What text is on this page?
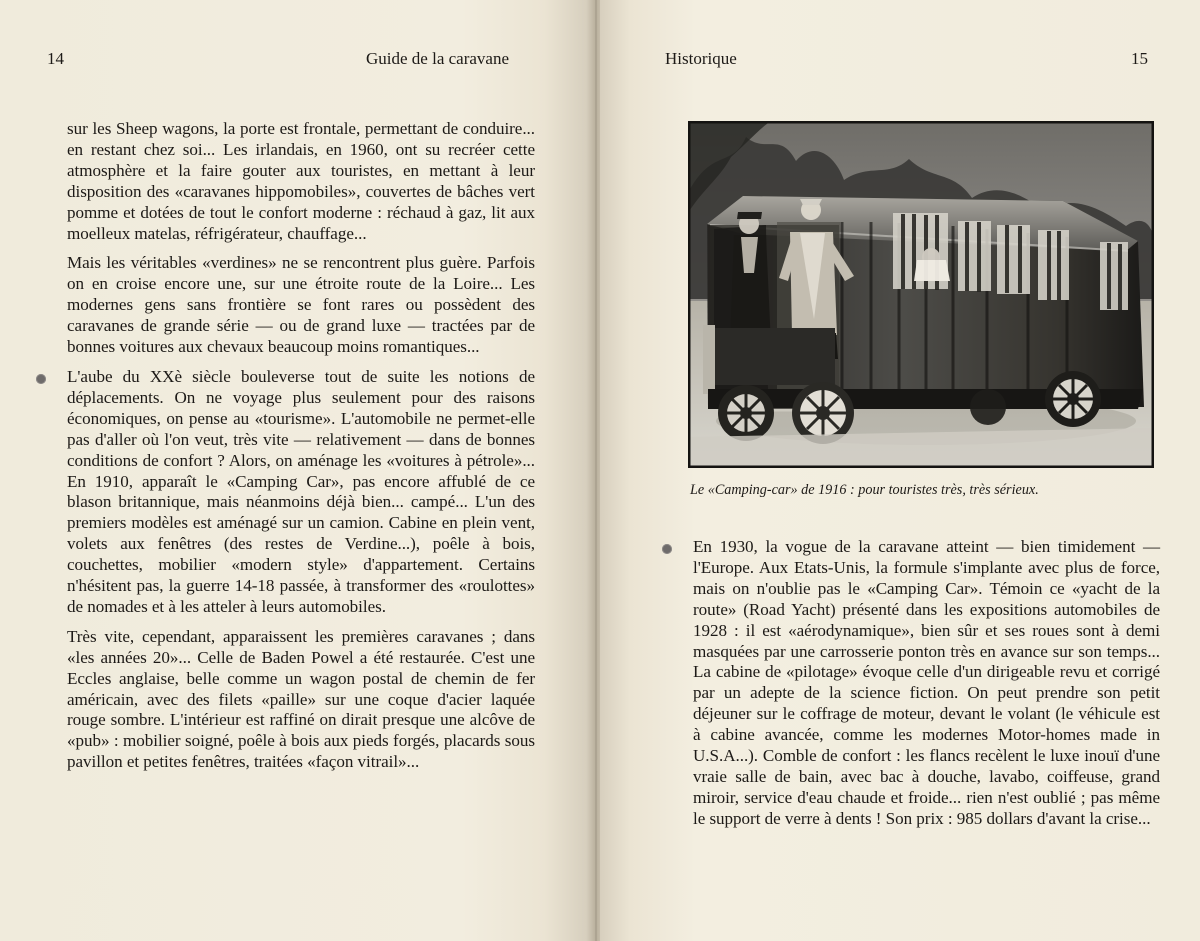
14	Guide de la caravane

sur les Sheep wagons, la porte est frontale, permettant de conduire... en restant chez soi... Les irlandais, en 1960, ont su recréer cette atmosphère et la faire gouter aux touristes, en mettant à leur disposition des «caravanes hippomobiles», couvertes de bâches vert pomme et dotées de tout le confort moderne : réchaud à gaz, lit aux moelleux matelas, réfrigérateur, chauffage...

Mais les véritables «verdines» ne se rencontrent plus guère. Parfois on en croise encore une, sur une étroite route de la Loire... Les modernes gens sans frontière se font rares ou possèdent des caravanes de grande série — ou de grand luxe — tractées par de bonnes voitures aux chevaux beaucoup moins romantiques...

L'aube du XXè siècle bouleverse tout de suite les notions de déplacements. On ne voyage plus seulement pour des raisons économiques, on pense au «tourisme». L'automobile ne permet-elle pas d'aller où l'on veut, très vite — relativement — dans de bonnes conditions de confort ? Alors, on aménage les «voitures à pétrole»... En 1910, apparaît le «Camping Car», pas encore affublé de ce blason britannique, mais néanmoins déjà bien... campé... L'un des premiers modèles est aménagé sur un camion. Cabine en plein vent, volets aux fenêtres (des restes de Verdine...), poêle à bois, couchettes, mobilier «modern style» d'appartement. Certains n'hésitent pas, la guerre 14-18 passée, à transformer des «roulottes» de nomades et à les atteler à leurs automobiles.

Très vite, cependant, apparaissent les premières caravanes ; dans «les années 20»... Celle de Baden Powel a été restaurée. C'est une Eccles anglaise, belle comme un wagon postal de chemin de fer américain, avec des filets «paille» sur une coque d'acier laquée rouge sombre. L'intérieur est raffiné on dirait presque une alcôve de «pub» : mobilier soigné, poêle à bois aux pieds forgés, placards sous pavillon et petites fenêtres, traitées «façon vitrail»...

Historique	15
Le «Camping-car» de 1916 : pour touristes très, très sérieux.

En 1930, la vogue de la caravane atteint — bien timidement — l'Europe. Aux Etats-Unis, la formule s'implante avec plus de force, mais on n'oublie pas le «Camping Car». Témoin ce «yacht de la route» (Road Yacht) présenté dans les expositions automobiles de 1928 : il est «aérodynamique», bien sûr et ses roues sont à demi masquées par une carrosserie ponton très en avance sur son temps... La cabine de «pilotage» évoque celle d'un dirigeable revu et corrigé par un adepte de la science fiction. On peut prendre son petit déjeuner sur le coffrage de moteur, devant le volant (le véhicule est à cabine avancée, comme les modernes Motor-homes made in U.S.A...). Comble de confort : les flancs recèlent le luxe inouï d'une vraie salle de bain, avec bac à douche, lavabo, coiffeuse, grand miroir, service d'eau chaude et froide... rien n'est oublié ; pas même le support de verre à dents ! Son prix : 985 dollars d'avant la crise...
